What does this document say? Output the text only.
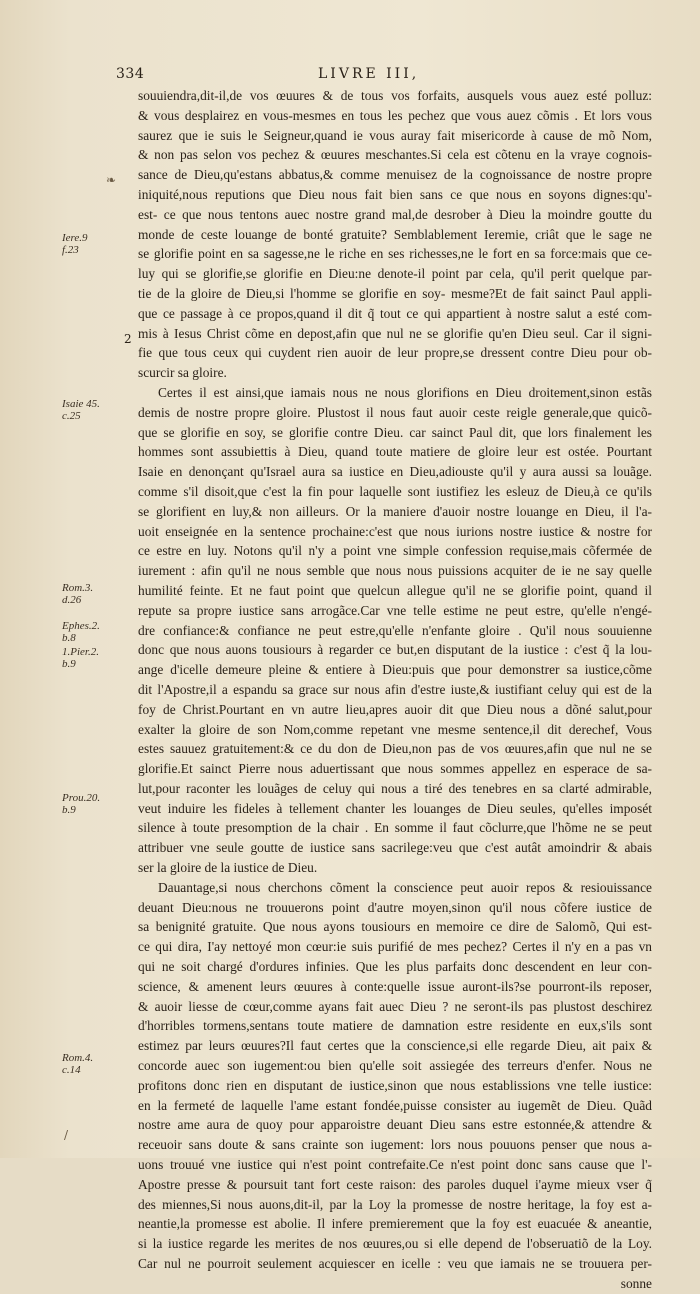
334	LIVRE III,
❧
2
Iere.9
f.23
Isaie 45.
c.25
Rom.3.
d.26
Ephes.2.
b.8
1.Pier.2.
b.9
Prou.20.
b.9
Rom.4.
c.14
/
souuiendra,dit-il,de vos œuures & de tous vos forfaits, ausquels vous auez esté polluz:
& vous desplairez en vous-mesmes en tous les pechez que vous auez cõmis . Et lors vous
saurez que ie suis le Seigneur,quand ie vous auray fait misericorde à cause de mõ Nom,
& non pas selon vos pechez & œuures meschantes.Si cela est cõtenu en la vraye cognois-
sance de Dieu,qu'estans abbatus,& comme menuisez de la cognoissance de nostre propre
iniquité,nous reputions que Dieu nous fait bien sans ce que nous en soyons dignes:qu'-
est- ce que nous tentons auec nostre grand mal,de desrober à Dieu la moindre goutte du
monde de ceste louange de bonté gratuite? Semblablement Ieremie, criât que le sage ne
se glorifie point en sa sagesse,ne le riche en ses richesses,ne le fort en sa force:mais que ce-
luy qui se glorifie,se glorifie en Dieu:ne denote-il point par cela, qu'il perit quelque par-
tie de la gloire de Dieu,si l'homme se glorifie en soy- mesme?Et de fait sainct Paul appli-
que ce passage à ce propos,quand il dit q̃ tout ce qui appartient à nostre salut a esté com-
mis à Iesus Christ cõme en depost,afin que nul ne se glorifie qu'en Dieu seul. Car il signi-
fie que tous ceux qui cuydent rien auoir de leur propre,se dressent contre Dieu pour ob-
scurcir sa gloire.
Certes il est ainsi,que iamais nous ne nous glorifions en Dieu droitement,sinon estãs
demis de nostre propre gloire. Plustost il nous faut auoir ceste reigle generale,que quicõ-
que se glorifie en soy, se glorifie contre Dieu. car sainct Paul dit, que lors finalement les
hommes sont assubiettis à Dieu, quand toute matiere de gloire leur est ostée. Pourtant
Isaie en denonçant qu'Israel aura sa iustice en Dieu,adiouste qu'il y aura aussi sa louãge.
comme s'il disoit,que c'est la fin pour laquelle sont iustifiez les esleuz de Dieu,à ce qu'ils
se glorifient en luy,& non ailleurs. Or la maniere d'auoir nostre louange en Dieu, il l'a-
uoit enseignée en la sentence prochaine:c'est que nous iurions nostre iustice & nostre for
ce estre en luy. Notons qu'il n'y a point vne simple confession requise,mais cõfermée de
iurement : afin qu'il ne nous semble que nous nous puissions acquiter de ie ne say quelle
humilité feinte. Et ne faut point que quelcun allegue qu'il ne se glorifie point, quand il
repute sa propre iustice sans arrogãce.Car vne telle estime ne peut estre, qu'elle n'engé-
dre confiance:& confiance ne peut estre,qu'elle n'enfante gloire . Qu'il nous souuienne
donc que nous auons tousiours à regarder ce but,en disputant de la iustice : c'est q̃ la lou-
ange d'icelle demeure pleine & entiere à Dieu:puis que pour demonstrer sa iustice,cõme
dit l'Apostre,il a espandu sa grace sur nous afin d'estre iuste,& iustifiant celuy qui est de la
foy de Christ.Pourtant en vn autre lieu,apres auoir dit que Dieu nous a dõné salut,pour
exalter la gloire de son Nom,comme repetant vne mesme sentence,il dit derechef, Vous
estes sauuez gratuitement:& ce du don de Dieu,non pas de vos œuures,afin que nul ne se
glorifie.Et sainct Pierre nous aduertissant que nous sommes appellez en esperace de sa-
lut,pour raconter les louãges de celuy qui nous a tiré des tenebres en sa clarté admirable,
veut induire les fideles à tellement chanter les louanges de Dieu seules, qu'elles imposét
silence à toute presomption de la chair . En somme il faut cõclurre,que l'hõme ne se peut
attribuer vne seule goutte de iustice sans sacrilege:veu que c'est autât amoindrir & abais
ser la gloire de la iustice de Dieu.
Dauantage,si nous cherchons cõment la conscience peut auoir repos & resiouissance
deuant Dieu:nous ne trouuerons point d'autre moyen,sinon qu'il nous cõfere iustice de
sa benignité gratuite. Que nous ayons tousiours en memoire ce dire de Salomõ, Qui est-
ce qui dira, I'ay nettoyé mon cœur:ie suis purifié de mes pechez? Certes il n'y en a pas vn
qui ne soit chargé d'ordures infinies. Que les plus parfaits donc descendent en leur con-
science, & amenent leurs œuures à conte:quelle issue auront-ils?se pourront-ils reposer,
& auoir liesse de cœur,comme ayans fait auec Dieu ? ne seront-ils pas plustost deschirez
d'horribles tormens,sentans toute matiere de damnation estre residente en eux,s'ils sont
estimez par leurs œuures?Il faut certes que la conscience,si elle regarde Dieu, ait paix &
concorde auec son iugement:ou bien qu'elle soit assiegée des terreurs d'enfer. Nous ne
profitons donc rien en disputant de iustice,sinon que nous establissions vne telle iustice:
en la fermeté de laquelle l'ame estant fondée,puisse consister au iugemẽt de Dieu. Quãd
nostre ame aura de quoy pour apparoistre deuant Dieu sans estre estonnée,& attendre &
receuoir sans doute & sans crainte son iugement: lors nous pouuons penser que nous a-
uons trouué vne iustice qui n'est point contrefaite.Ce n'est point donc sans cause que l'-
Apostre presse & poursuit tant fort ceste raison: des paroles duquel i'ayme mieux vser q̃
des miennes,Si nous auons,dit-il, par la Loy la promesse de nostre heritage, la foy est a-
neantie,la promesse est abolie. Il infere premierement que la foy est euacuée & aneantie,
si la iustice regarde les merites de nos œuures,ou si elle depend de l'obseruatiõ de la Loy.
Car nul ne pourroit seulement acquiescer en icelle : veu que iamais ne se trouuera per-
sonne
